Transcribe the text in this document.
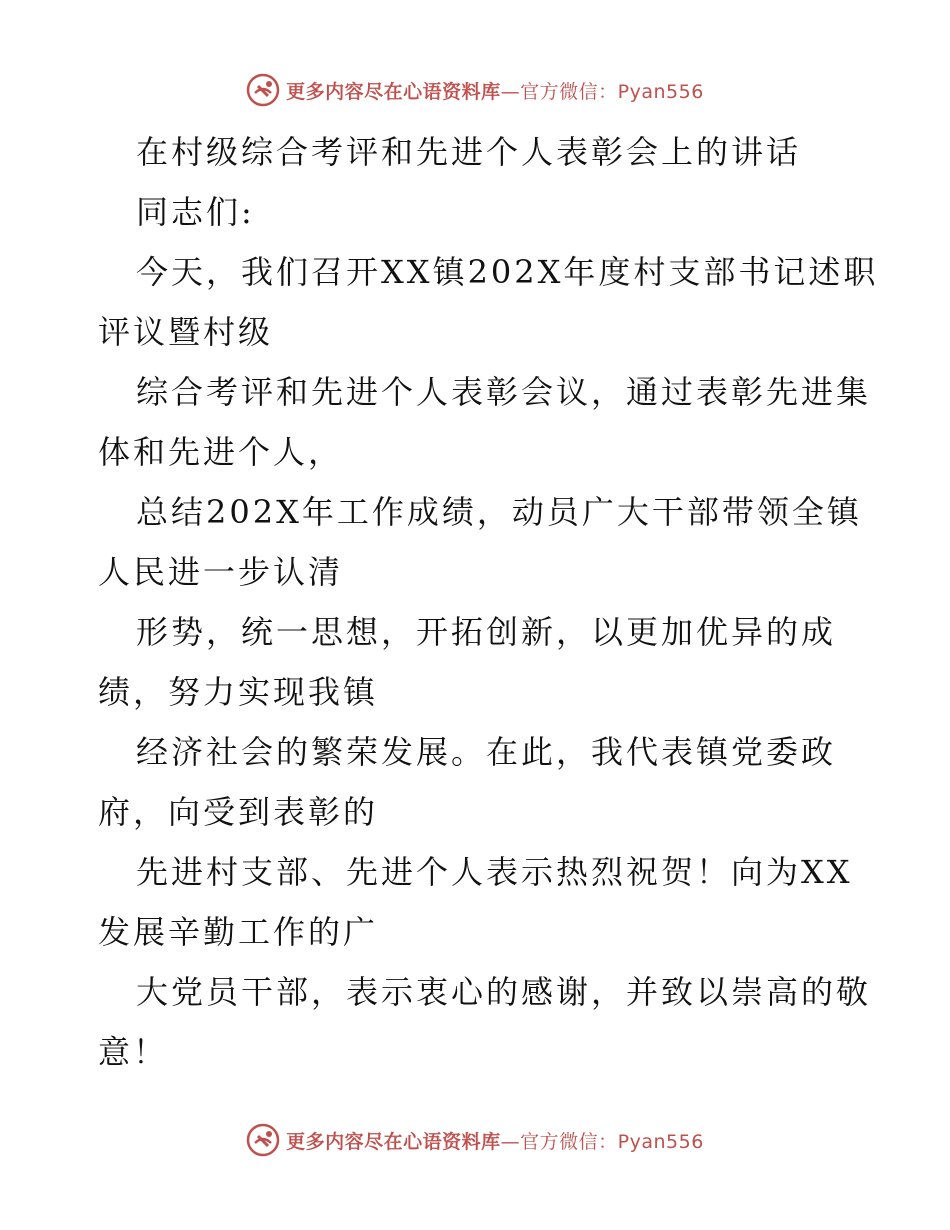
更多内容尽在心语资料库—官方微信：Pyan556
在村级综合考评和先进个人表彰会上的讲话
同志们:
今天，我们召开XX镇202X年度村支部书记述职
评议暨村级
综合考评和先进个人表彰会议，通过表彰先进集
体和先进个人，
总结202X年工作成绩，动员广大干部带领全镇
人民进一步认清
形势，统一思想，开拓创新，以更加优异的成
绩，努力实现我镇
经济社会的繁荣发展。在此，我代表镇党委政
府，向受到表彰的
先进村支部、先进个人表示热烈祝贺！向为XX
发展辛勤工作的广
大党员干部，表示衷心的感谢，并致以崇高的敬
意！
更多内容尽在心语资料库—官方微信：Pyan556
